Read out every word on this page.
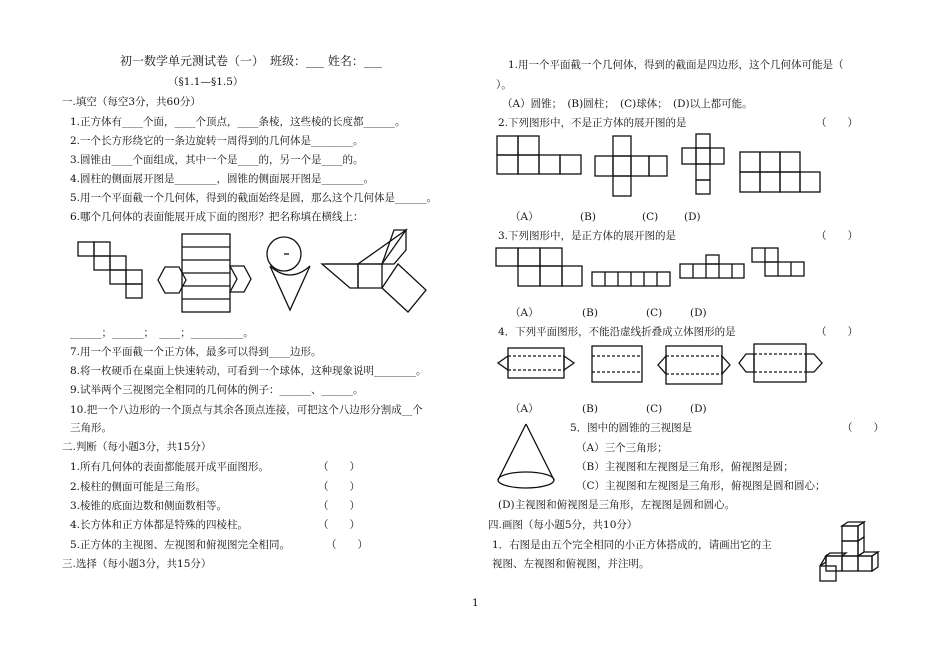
初一数学单元测试卷（一）　班级：___ 姓名：___
（§1.1—§1.5）
一.填空（每空3分，共60分）
1.正方体有____个面，____个顶点，____条棱，这些棱的长度都______。
2.一个长方形绕它的一条边旋转一周得到的几何体是________。
3.圆锥由____个面组成，其中一个是____的，另一个是____的。
4.圆柱的侧面展开图是________，圆锥的侧面展开图是________。
5.用一个平面截一个几何体，得到的截面始终是圆，那么这个几何体是______。
6.哪个几何体的表面能展开成下面的图形？把名称填在横线上：
______；______；　____；__________。
7.用一个平面截一个正方体，最多可以得到____边形。
8.将一枚硬币在桌面上快速转动，可看到一个球体，这种现象说明________。
9.试举两个三视图完全相同的几何体的例子：______、______。
10.把一个八边形的一个顶点与其余各顶点连接，可把这个八边形分割成__个
三角形。
二.判断（每小题3分，共15分）
1.所有几何体的表面都能展开成平面图形。	（　　）
2.棱柱的侧面可能是三角形。	（　　）
3.棱锥的底面边数和侧面数相等。	（　　）
4.长方体和正方体都是特殊的四棱柱。	（　　）
5.正方体的主视图、左视图和俯视图完全相同。	（　　）
三.选择（每小题3分，共15分）
1.用一个平面截一个几何体，得到的截面是四边形，这个几何体可能是（
）。
（A）圆锥；　(B)圆柱；　(C)球体；　(D)以上都可能。
2.下列图形中，不是正方体的展开图的是	（　　）
（A）	(B)	(C) (D)
3.下列图形中，是正方体的展开图的是	（　　）
（A）	(B)	(C)	(D)
4．下列平面图形，不能沿虚线折叠成立体图形的是	（　　）
（A）	(B)	(C)	(D)
5．图中的圆锥的三视图是	（　　）
（A）三个三角形；
（B）主视图和左视图是三角形，俯视图是圆；
（C）主视图和左视图是三角形，俯视图是圆和圆心；
(D)主视图和俯视图是三角形，左视图是圆和圆心。
四.画图（每小题5分，共10分）
1．右图是由五个完全相同的小正方体搭成的，请画出它的主
视图、左视图和俯视图，并注明。
1
